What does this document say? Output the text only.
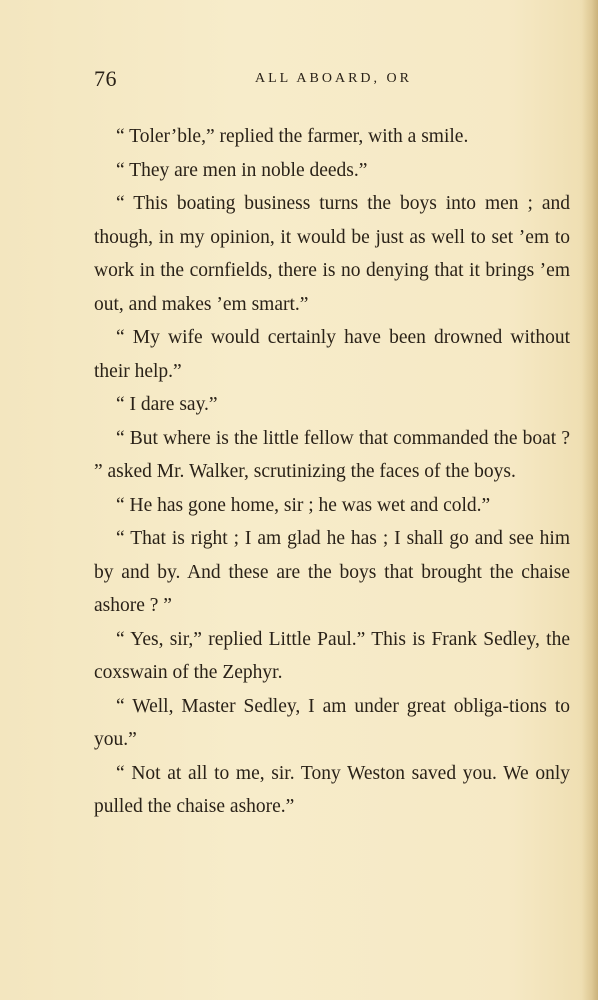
76	ALL ABOARD, OR

“ Toler’ble,” replied the farmer, with a smile.

“ They are men in noble deeds.”

“ This boating business turns the boys into men ; and though, in my opinion, it would be just as well to set ’em to work in the cornfields, there is no denying that it brings ’em out, and makes ’em smart.”

“ My wife would certainly have been drowned without their help.”

“ I dare say.”

“ But where is the little fellow that commanded the boat ? ” asked Mr. Walker, scrutinizing the faces of the boys.

“ He has gone home, sir ; he was wet and cold.”

“ That is right ; I am glad he has ; I shall go and see him by and by. And these are the boys that brought the chaise ashore ? ”

“ Yes, sir,” replied Little Paul.” This is Frank Sedley, the coxswain of the Zephyr.

“ Well, Master Sedley, I am under great obliga-tions to you.”

“ Not at all to me, sir. Tony Weston saved you. We only pulled the chaise ashore.”
